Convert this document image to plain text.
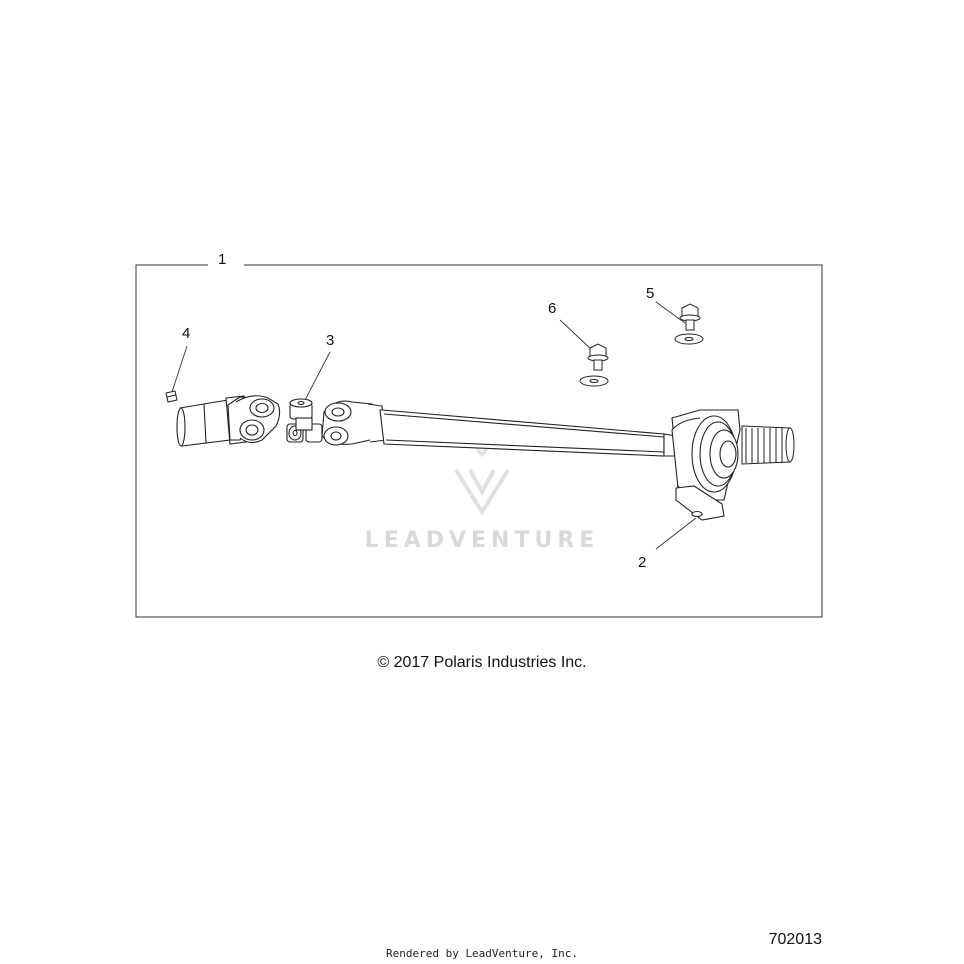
1
2
3
4
5
6
LEADVENTURE
© 2017 Polaris Industries Inc.
Rendered by LeadVenture, Inc.
702013
